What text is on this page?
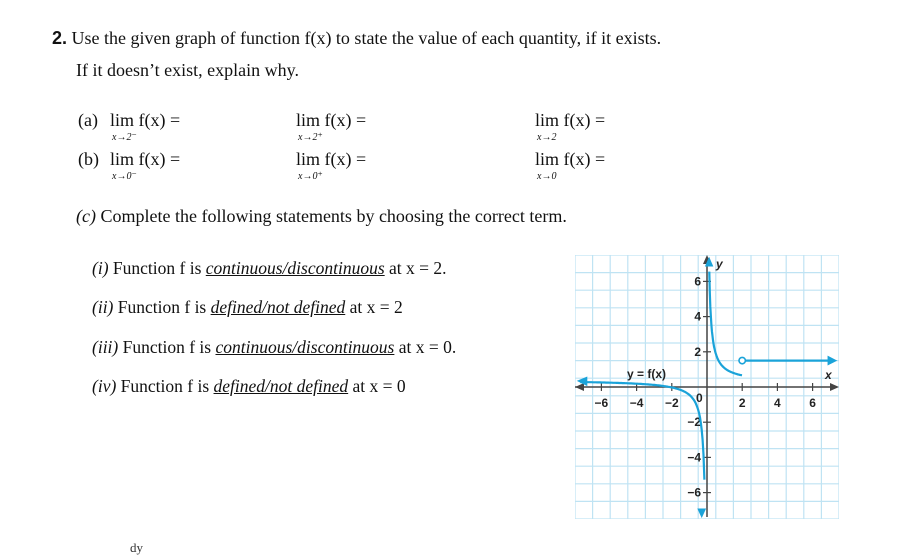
2. Use the given graph of function f(x) to state the value of each quantity, if it exists.
If it doesn’t exist, explain why.
(a) lim f(x) =
x→2⁻
lim f(x) =
x→2⁺
lim f(x) =
x→2
(b) lim f(x) =
x→0⁻
lim f(x) =
x→0⁺
lim f(x) =
x→0
(c) Complete the following statements by choosing the correct term.
(i) Function f is continuous/discontinuous at x = 2.
(ii) Function f is defined/not defined at x = 2
(iii) Function f is continuous/discontinuous at x = 0.
(iv) Function f is defined/not defined at x = 0
−6 −4 −2	2 4 6
6
4
2
−2
−4
−6
y
x
0
y = f(x)
dy
